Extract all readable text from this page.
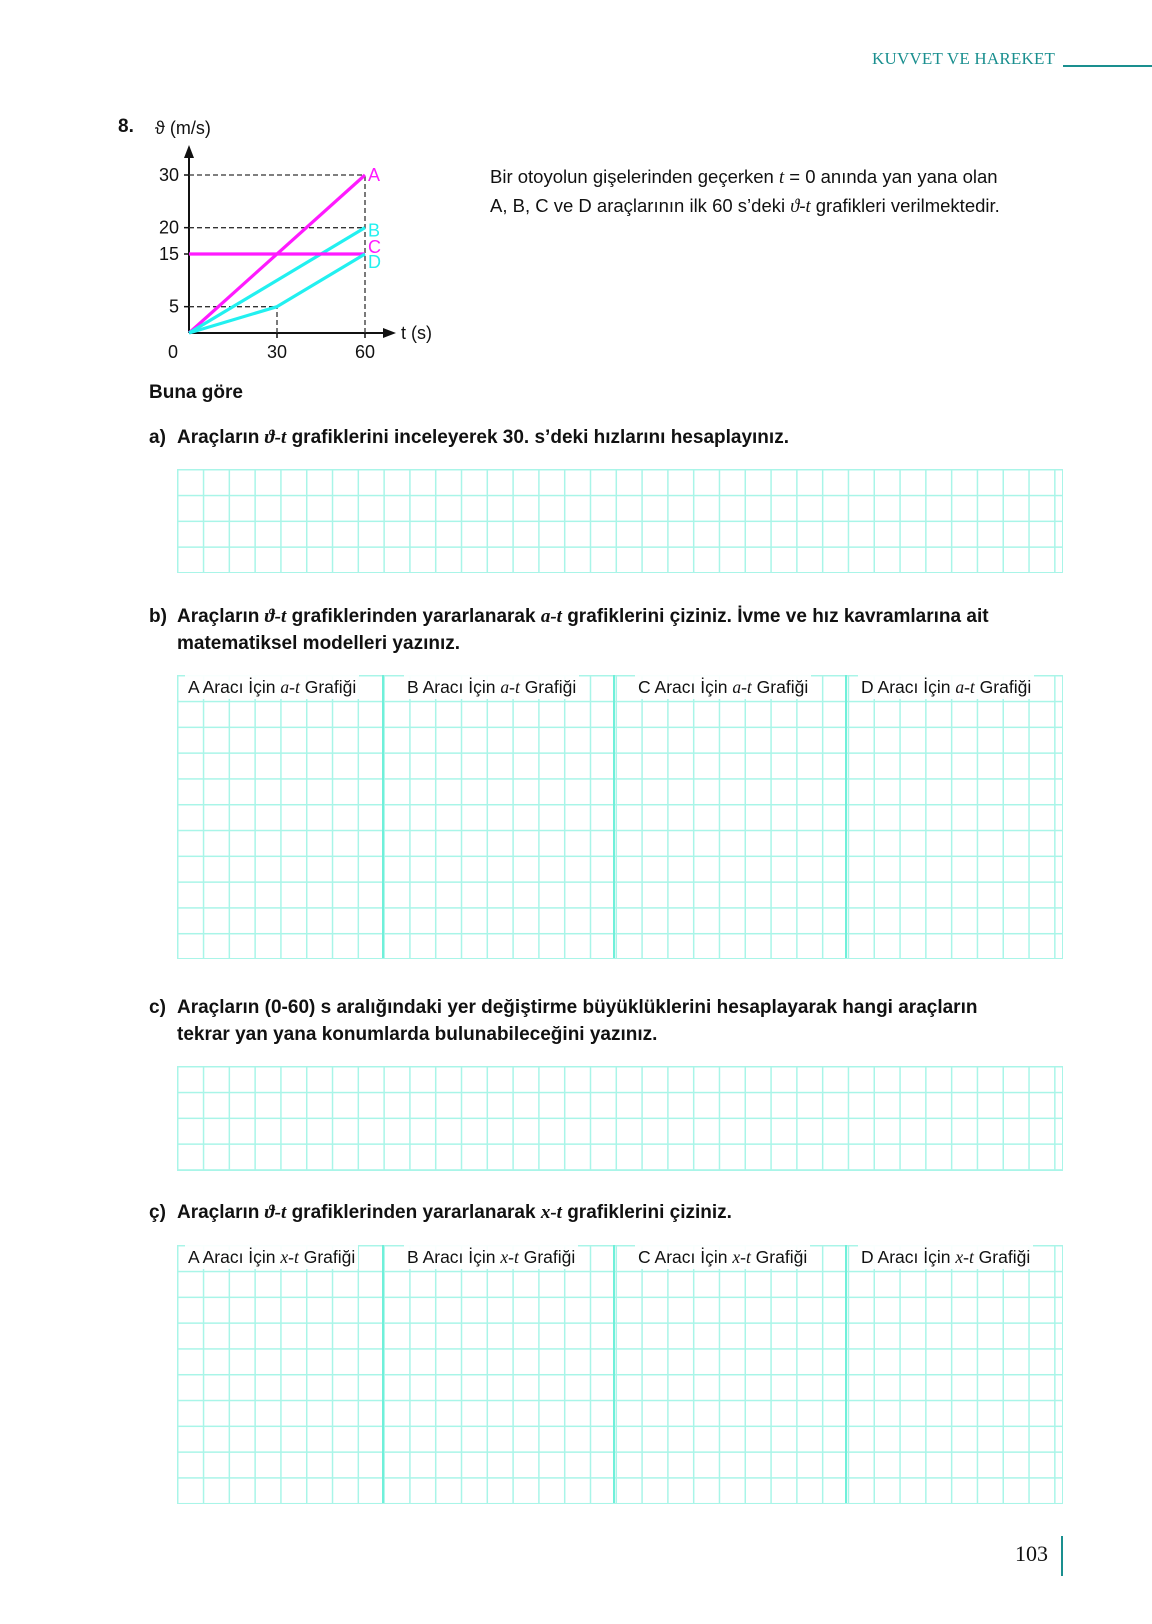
KUVVET VE HAREKET
8. ϑ (m/s)
5
15
20
30
0	30	60
A
B
C
D
t (s)
Bir otoyolun gişelerinden geçerken t = 0 anında yan yana olan
A, B, C ve D araçlarının ilk 60 s’deki ϑ-t grafikleri verilmektedir.
Buna göre
a) Araçların ϑ-t grafiklerini inceleyerek 30. s’deki hızlarını hesaplayınız.
b) Araçların ϑ-t grafiklerinden yararlanarak a-t grafiklerini çiziniz. İvme ve hız kavramlarına ait
matematiksel modelleri yazınız.
A Aracı İçin a-t Grafiği	B Aracı İçin a-t Grafiği	C Aracı İçin a-t Grafiği	D Aracı İçin a-t Grafiği
c) Araçların (0-60) s aralığındaki yer değiştirme büyüklüklerini hesaplayarak hangi araçların
tekrar yan yana konumlarda bulunabileceğini yazınız.
ç) Araçların ϑ-t grafiklerinden yararlanarak x-t grafiklerini çiziniz.
A Aracı İçin x-t Grafiği	B Aracı İçin x-t Grafiği	C Aracı İçin x-t Grafiği	D Aracı İçin x-t Grafiği
103
